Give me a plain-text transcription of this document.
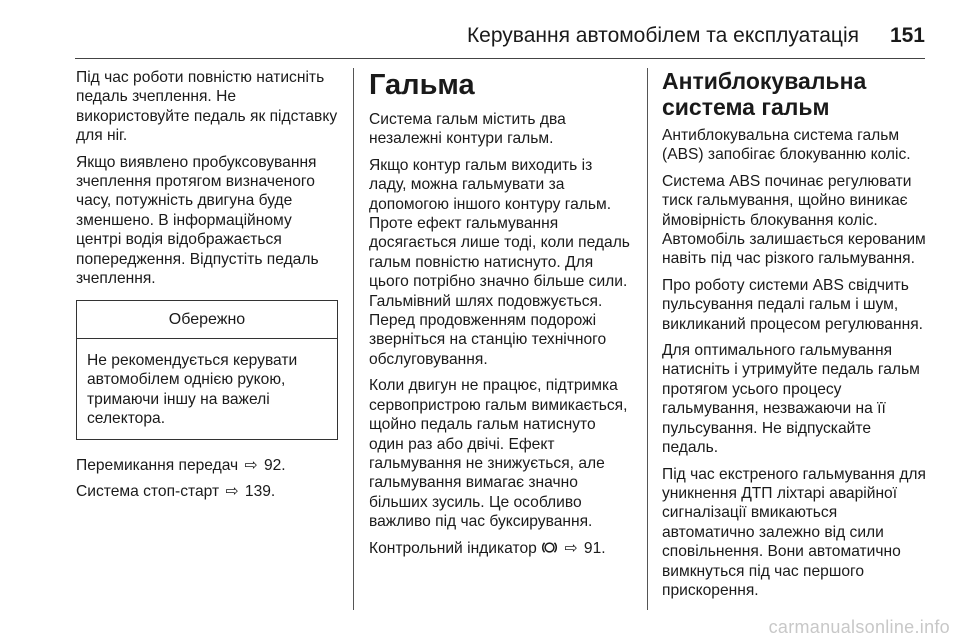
Керування автомобілем та експлуатація 151

Під час роботи повністю натисніть педаль зчеплення. Не використовуйте педаль як підставку для ніг.

Якщо виявлено пробуксовування зчеплення протягом визначеного часу, потужність двигуна буде зменшено. В інформаційному центрі водія відображається попередження. Відпустіть педаль зчеплення.

Обережно
Не рекомендується керувати автомобілем однією рукою, тримаючи іншу на важелі селектора.

Перемикання передач ⇨ 92.

Система стоп-старт ⇨ 139.

Гальма

Система гальм містить два незалежні контури гальм.

Якщо контур гальм виходить із ладу, можна гальмувати за допомогою іншого контуру гальм. Проте ефект гальмування досягається лише тоді, коли педаль гальм повністю натиснуто. Для цього потрібно значно більше сили. Гальмівний шлях подовжується. Перед продовженням подорожі зверніться на станцію технічного обслуговування.

Коли двигун не працює, підтримка сервопристрою гальм вимикається, щойно педаль гальм натиснуто один раз або двічі. Ефект гальмування не знижується, але гальмування вимагає значно більших зусиль. Це особливо важливо під час буксирування.

Контрольний індикатор ⇨ 91.

Антиблокувальна система гальм

Антиблокувальна система гальм (ABS) запобігає блокуванню коліс.

Система ABS починає регулювати тиск гальмування, щойно виникає ймовірність блокування коліс. Автомобіль залишається керованим навіть під час різкого гальмування.

Про роботу системи ABS свідчить пульсування педалі гальм і шум, викликаний процесом регулювання.

Для оптимального гальмування натисніть і утримуйте педаль гальм протягом усього процесу гальмування, незважаючи на її пульсування. Не відпускайте педаль.

Під час екстреного гальмування для уникнення ДТП ліхтарі аварійної сигналізації вмикаються автоматично залежно від сили сповільнення. Вони автоматично вимкнуться під час першого прискорення.

carmanualsonline.info
